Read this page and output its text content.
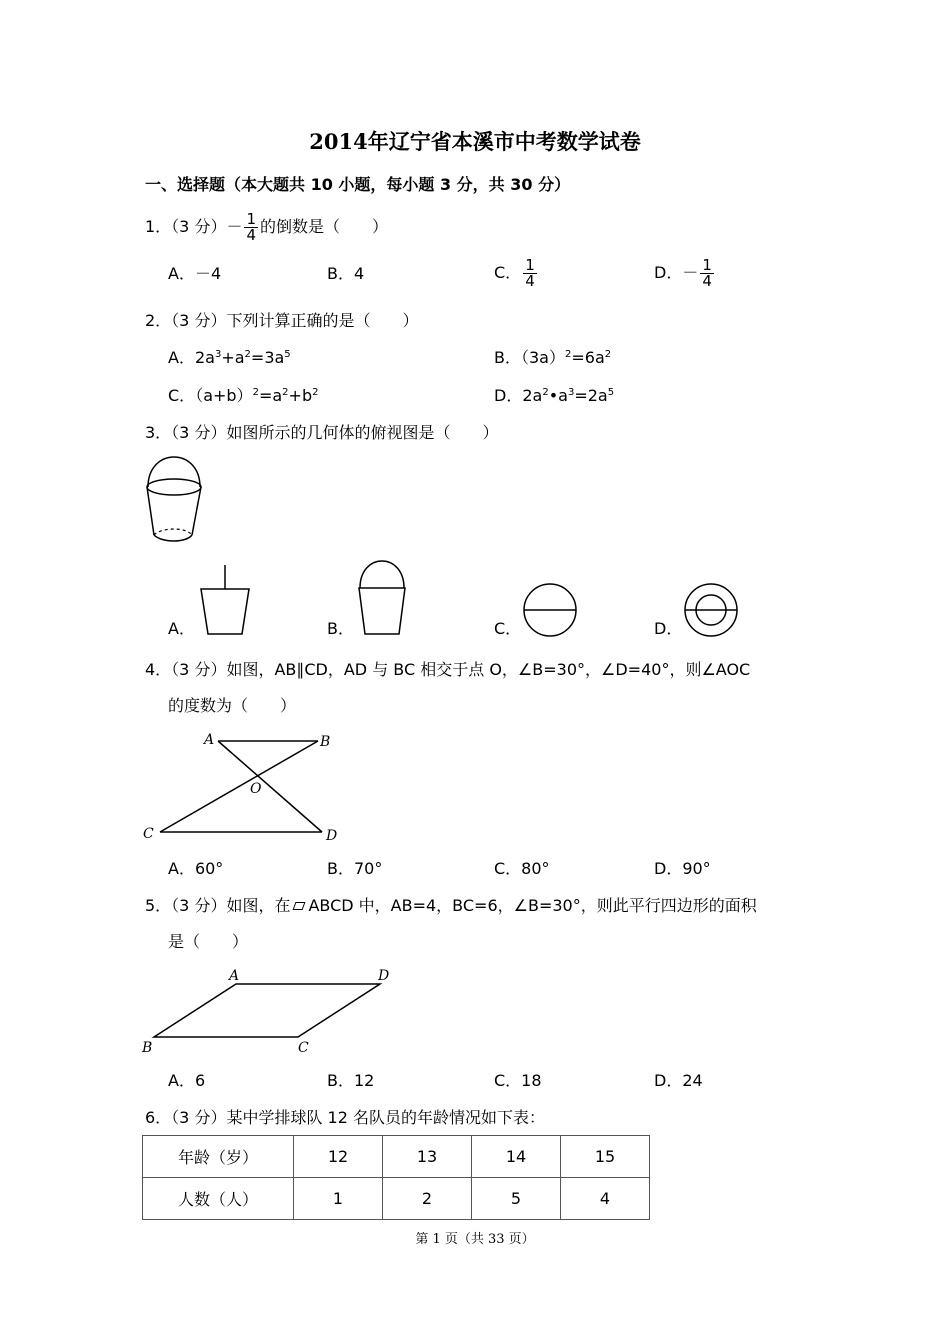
2014年辽宁省本溪市中考数学试卷
一、选择题（本大题共 10 小题，每小题 3 分，共 30 分）
1．（3 分）－ $\frac{1}{4}$ 的倒数是（　　）
A．－4	B．4	C． $\frac{1}{4}$	D．－ $\frac{1}{4}$
2．（3 分）下列计算正确的是（　　）
A．$2a^3+a^2=3a^5$	B．$(3a)^2=6a^2$
C．$(a+b)^2=a^2+b^2$	D．$2a^2•a^3=2a^5$
3．（3 分）如图所示的几何体的俯视图是（　　）
A．	B．	C．	D．
4．（3 分）如图，AB∥CD，AD 与 BC 相交于点 O，∠B=30°，∠D=40°，则∠AOC
的度数为（　　）
A	B
C	D
O
A．60°	B．70°	C．80°	D．90°
5．（3 分）如图，在 ABCD 中，AB=4，BC=6，∠B=30°，则此平行四边形的面积
是（　　）
A	D
B	C
A．6	B．12	C．18	D．24
6．（3 分）某中学排球队 12 名队员的年龄情况如下表：
年龄（岁）	12	13	14	15
人数（人）	1	2	5	4
第 1 页（共 33 页）
